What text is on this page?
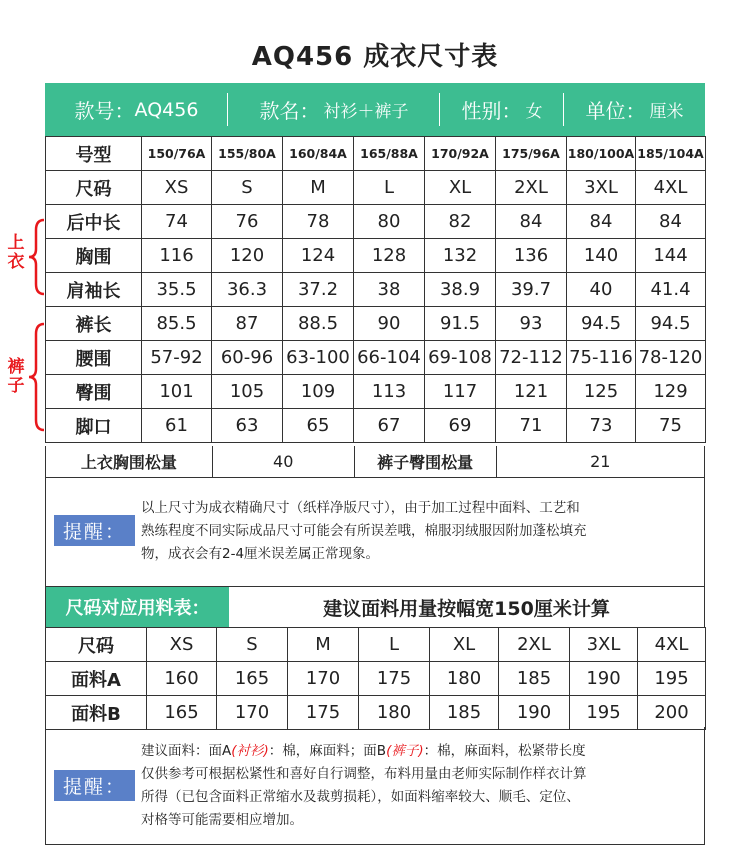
AQ456 成衣尺寸表
款号： AQ456	款名： 衬衫＋裤子	性别： 女 单位： 厘米
上衣
裤子
号型	150/76A	155/80A	160/84A	165/88A	170/92A	175/96A	180/100A	185/104A
尺码	XS	S	M	L	XL	2XL	3XL	4XL
后中长	74	76	78	80	82	84	84	84
胸围	116	120	124	128	132	136	140	144
肩袖长	35.5	36.3	37.2	38	38.9	39.7	40	41.4
裤长	85.5	87	88.5	90	91.5	93	94.5	94.5
腰围	57-92	60-96	63-100	66-104	69-108	72-112	75-116	78-120
臀围	101	105	109	113	117	121	125	129
脚口	61	63	65	67	69	71	73	75
上衣胸围松量	40	裤子臀围松量	21
提醒：
以上尺寸为成衣精确尺寸（纸样净版尺寸），由于加工过程中面料、工艺和
熟练程度不同实际成品尺寸可能会有所误差哦，棉服羽绒服因附加蓬松填充
物，成衣会有2-4厘米误差属正常现象。
尺码对应用料表：	建议面料用量按幅宽150厘米计算
尺码	XS	S	M	L	XL	2XL	3XL	4XL
面料A	160	165	170	175	180	185	190	195
面料B	165	170	175	180	185	190	195	200
提醒：
建议面料：面A(衬衫)：棉，麻面料；面B(裤子)：棉，麻面料，松紧带长度
仅供参考可根据松紧性和喜好自行调整，布料用量由老师实际制作样衣计算
所得（已包含面料正常缩水及裁剪损耗），如面料缩率较大、顺毛、定位、
对格等可能需要相应增加。
